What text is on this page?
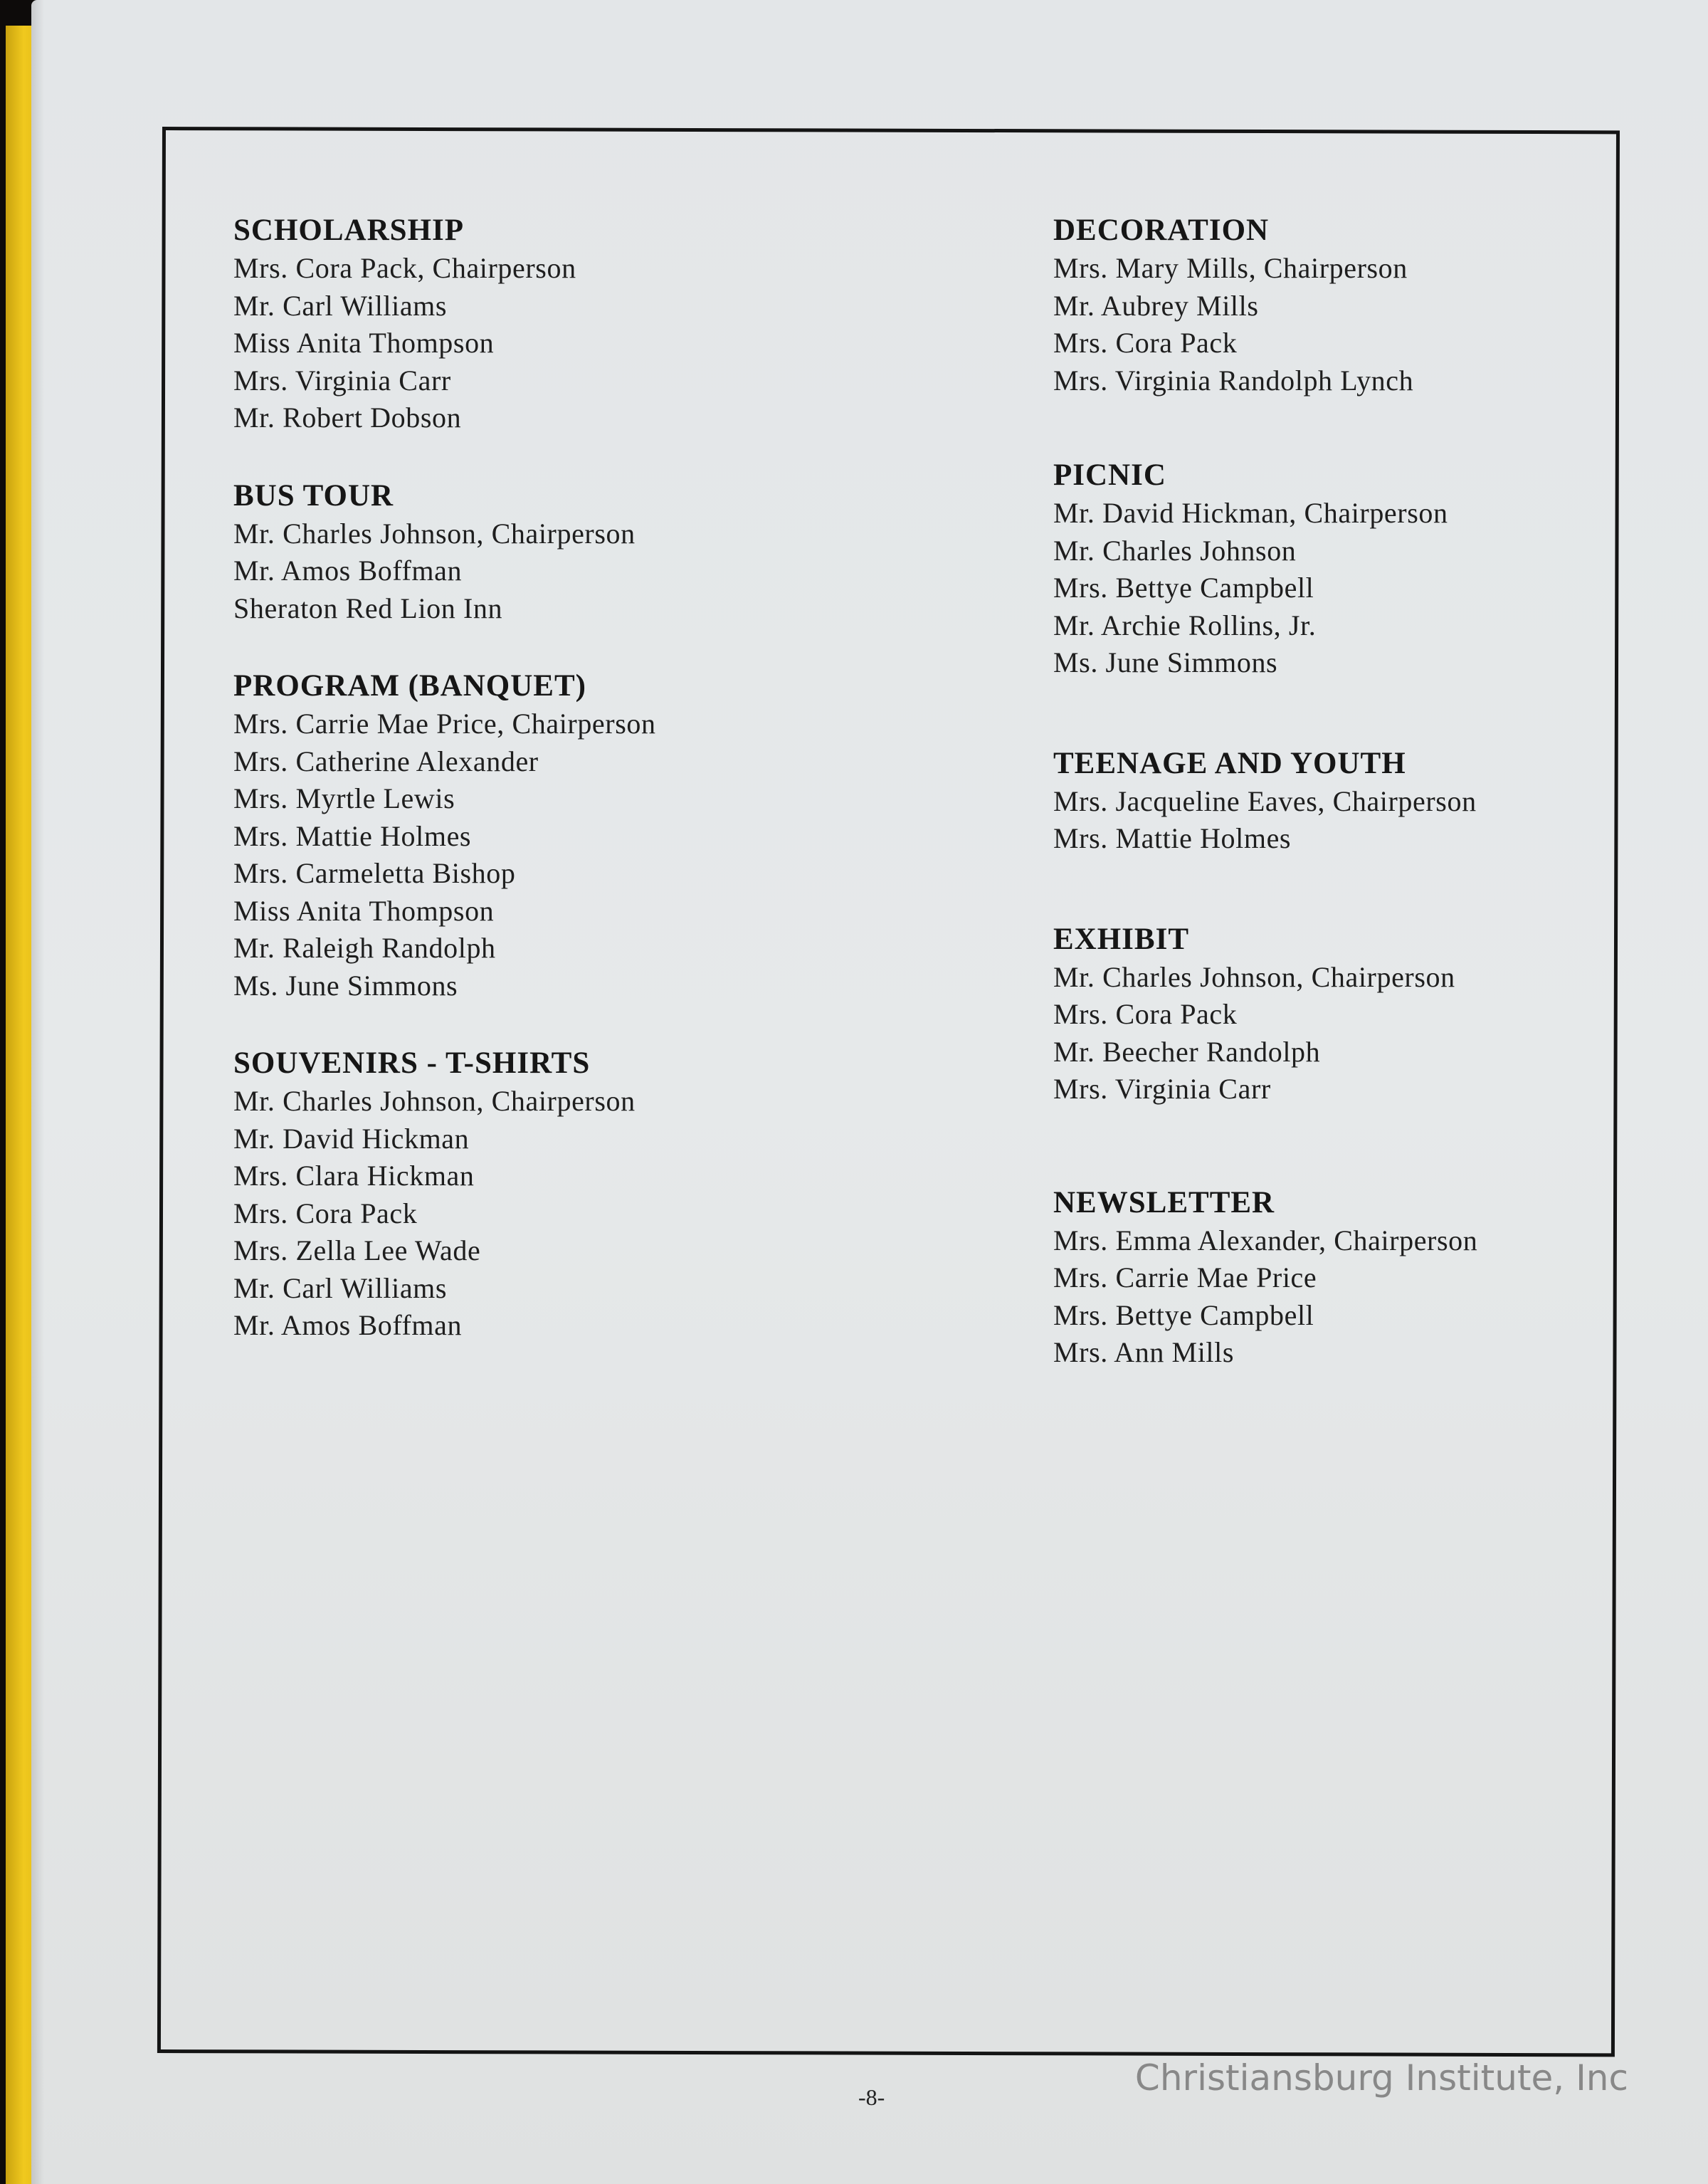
SCHOLARSHIP

Mrs. Cora Pack, Chairperson

Mr. Carl Williams

Miss Anita Thompson

Mrs. Virginia Carr

Mr. Robert Dobson

BUS TOUR

Mr. Charles Johnson, Chairperson

Mr. Amos Boffman

Sheraton Red Lion Inn

PROGRAM (BANQUET)

Mrs. Carrie Mae Price, Chairperson

Mrs. Catherine Alexander

Mrs. Myrtle Lewis

Mrs. Mattie Holmes

Mrs. Carmeletta Bishop

Miss Anita Thompson

Mr. Raleigh Randolph

Ms. June Simmons

SOUVENIRS - T-SHIRTS

Mr. Charles Johnson, Chairperson

Mr. David Hickman

Mrs. Clara Hickman

Mrs. Cora Pack

Mrs. Zella Lee Wade

Mr. Carl Williams

Mr. Amos Boffman

DECORATION

Mrs. Mary Mills, Chairperson

Mr. Aubrey Mills

Mrs. Cora Pack

Mrs. Virginia Randolph Lynch

PICNIC

Mr. David Hickman, Chairperson

Mr. Charles Johnson

Mrs. Bettye Campbell

Mr. Archie Rollins, Jr.

Ms. June Simmons

TEENAGE AND YOUTH

Mrs. Jacqueline Eaves, Chairperson

Mrs. Mattie Holmes

EXHIBIT

Mr. Charles Johnson, Chairperson

Mrs. Cora Pack

Mr. Beecher Randolph

Mrs. Virginia Carr

NEWSLETTER

Mrs. Emma Alexander, Chairperson

Mrs. Carrie Mae Price

Mrs. Bettye Campbell

Mrs. Ann Mills

-8-	Christiansburg Institute, Inc
